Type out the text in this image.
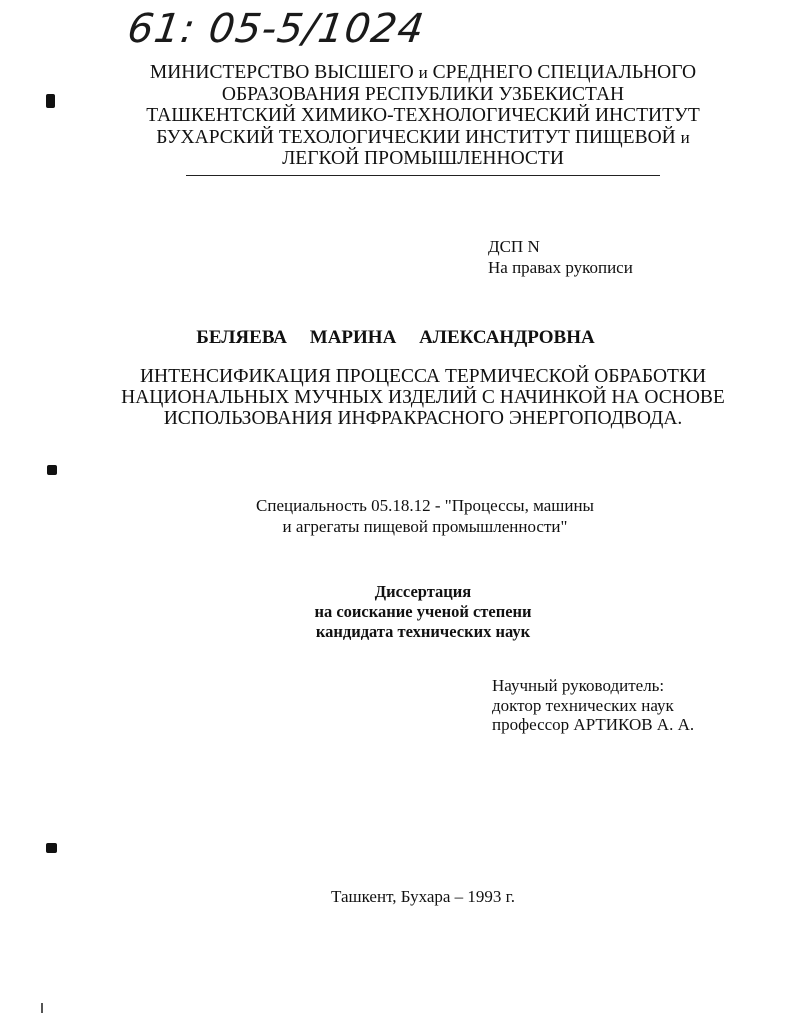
61: 05-5/1024
МИНИСТЕРСТВО ВЫСШЕГО и СРЕДНЕГО СПЕЦИАЛЬНОГО
ОБРАЗОВАНИЯ РЕСПУБЛИКИ УЗБЕКИСТАН
ТАШКЕНТСКИЙ ХИМИКО-ТЕХНОЛОГИЧЕСКИЙ ИНСТИТУТ
БУХАРСКИЙ ТЕХОЛОГИЧЕСКИИ ИНСТИТУТ ПИЩЕВОЙ и
ЛЕГКОЙ ПРОМЫШЛЕННОСТИ
ДСП N
На правах рукописи
БЕЛЯЕВА МАРИНА АЛЕКСАНДРОВНА
ИНТЕНСИФИКАЦИЯ ПРОЦЕССА ТЕРМИЧЕСКОЙ ОБРАБОТКИ
НАЦИОНАЛЬНЫХ МУЧНЫХ ИЗДЕЛИЙ С НАЧИНКОЙ НА ОСНОВЕ
ИСПОЛЬЗОВАНИЯ ИНФРАКРАСНОГО ЭНЕРГОПОДВОДА.
Специальность 05.18.12 - "Процессы, машины
и агрегаты пищевой промышленности"
Диссертация
на соискание ученой степени
кандидата технических наук
Научный руководитель:
доктор технических наук
профессор АРТИКОВ А. А.
Ташкент, Бухара – 1993 г.
